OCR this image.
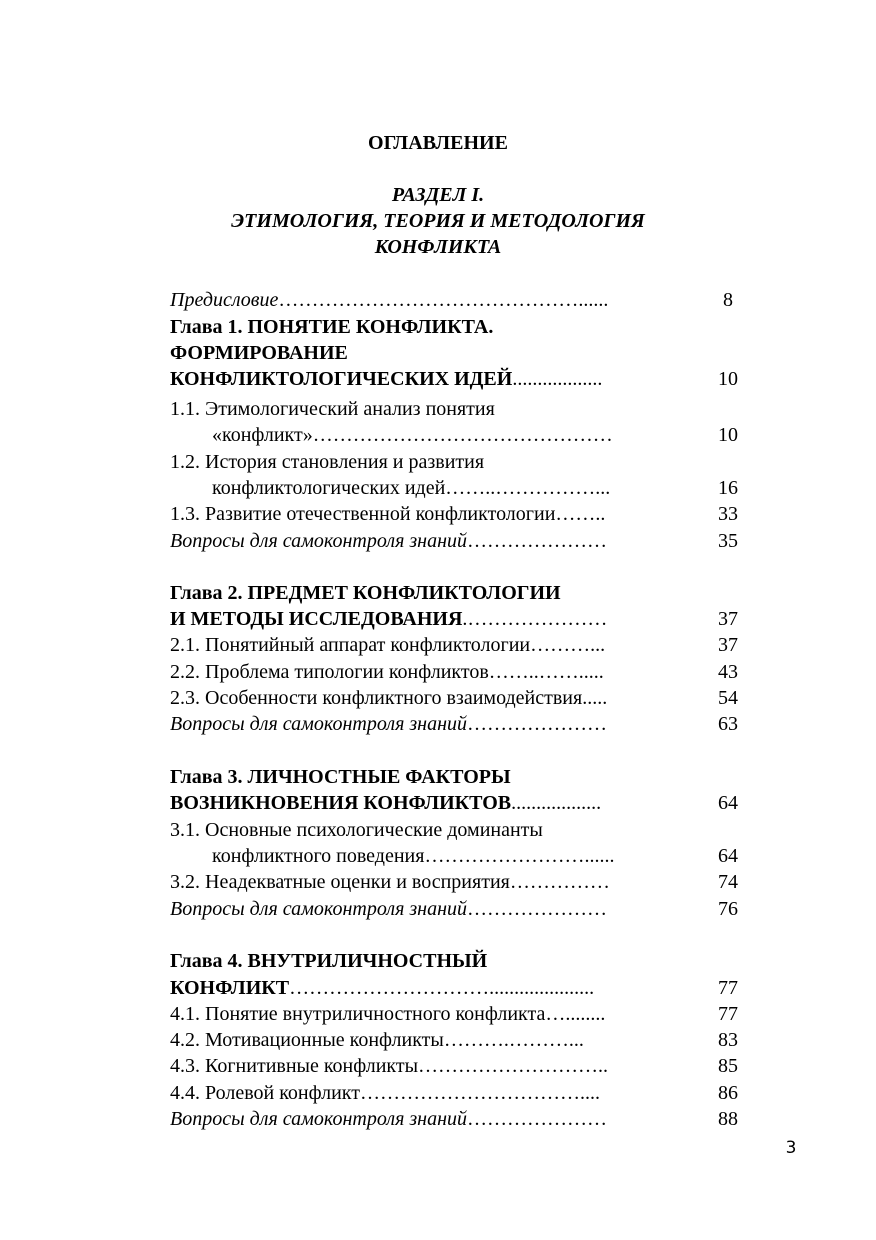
ОГЛАВЛЕНИЕ
РАЗДЕЛ I.
ЭТИМОЛОГИЯ, ТЕОРИЯ И МЕТОДОЛОГИЯ
КОНФЛИКТА
Предисловие………………………………………......	8
Глава 1. ПОНЯТИЕ КОНФЛИКТА.
ФОРМИРОВАНИЕ
КОНФЛИКТОЛОГИЧЕСКИХ ИДЕЙ..................	10
1.1. Этимологический анализ понятия
«конфликт»………………………………………	10
1.2. История становления и развития
конфликтологических идей……..……………...	16
1.3. Развитие отечественной конфликтологии……..	33
Вопросы для самоконтроля знаний…………………	35
Глава 2. ПРЕДМЕТ КОНФЛИКТОЛОГИИ
И МЕТОДЫ ИССЛЕДОВАНИЯ.…………………	37
2.1. Понятийный аппарат конфликтологии………...	37
2.2. Проблема типологии конфликтов……..…….....	43
2.3. Особенности конфликтного взаимодействия.....	54
Вопросы для самоконтроля знаний…………………	63
Глава 3. ЛИЧНОСТНЫЕ ФАКТОРЫ
ВОЗНИКНОВЕНИЯ КОНФЛИКТОВ..................	64
3.1. Основные психологические доминанты
конфликтного поведения……………………......	64
3.2. Неадекватные оценки и восприятия……………	74
Вопросы для самоконтроля знаний…………………	76
Глава 4. ВНУТРИЛИЧНОСТНЫЙ
КОНФЛИКТ………………………….....................	77
4.1. Понятие внутриличностного конфликта…........	77
4.2. Мотивационные конфликты……….………...	83
4.3. Когнитивные конфликты………………………..	85
4.4. Ролевой конфликт……………………………....	86
Вопросы для самоконтроля знаний…………………	88
3
